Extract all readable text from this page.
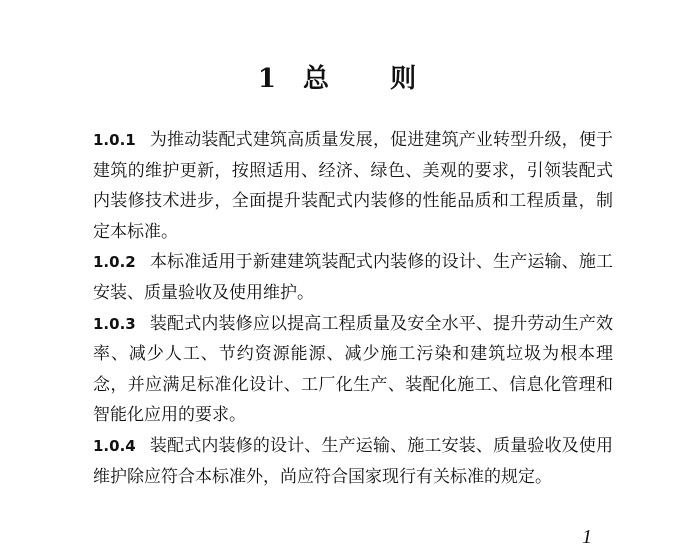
1 总 则

1.0.1 为推动装配式建筑高质量发展，促进建筑产业转型升级，便于建筑的维护更新，按照适用、经济、绿色、美观的要求，引领装配式内装修技术进步，全面提升装配式内装修的性能品质和工程质量，制定本标准。

1.0.2 本标准适用于新建建筑装配式内装修的设计、生产运输、施工安装、质量验收及使用维护。

1.0.3 装配式内装修应以提高工程质量及安全水平、提升劳动生产效率、减少人工、节约资源能源、减少施工污染和建筑垃圾为根本理念，并应满足标准化设计、工厂化生产、装配化施工、信息化管理和智能化应用的要求。

1.0.4 装配式内装修的设计、生产运输、施工安装、质量验收及使用维护除应符合本标准外，尚应符合国家现行有关标准的规定。

1
